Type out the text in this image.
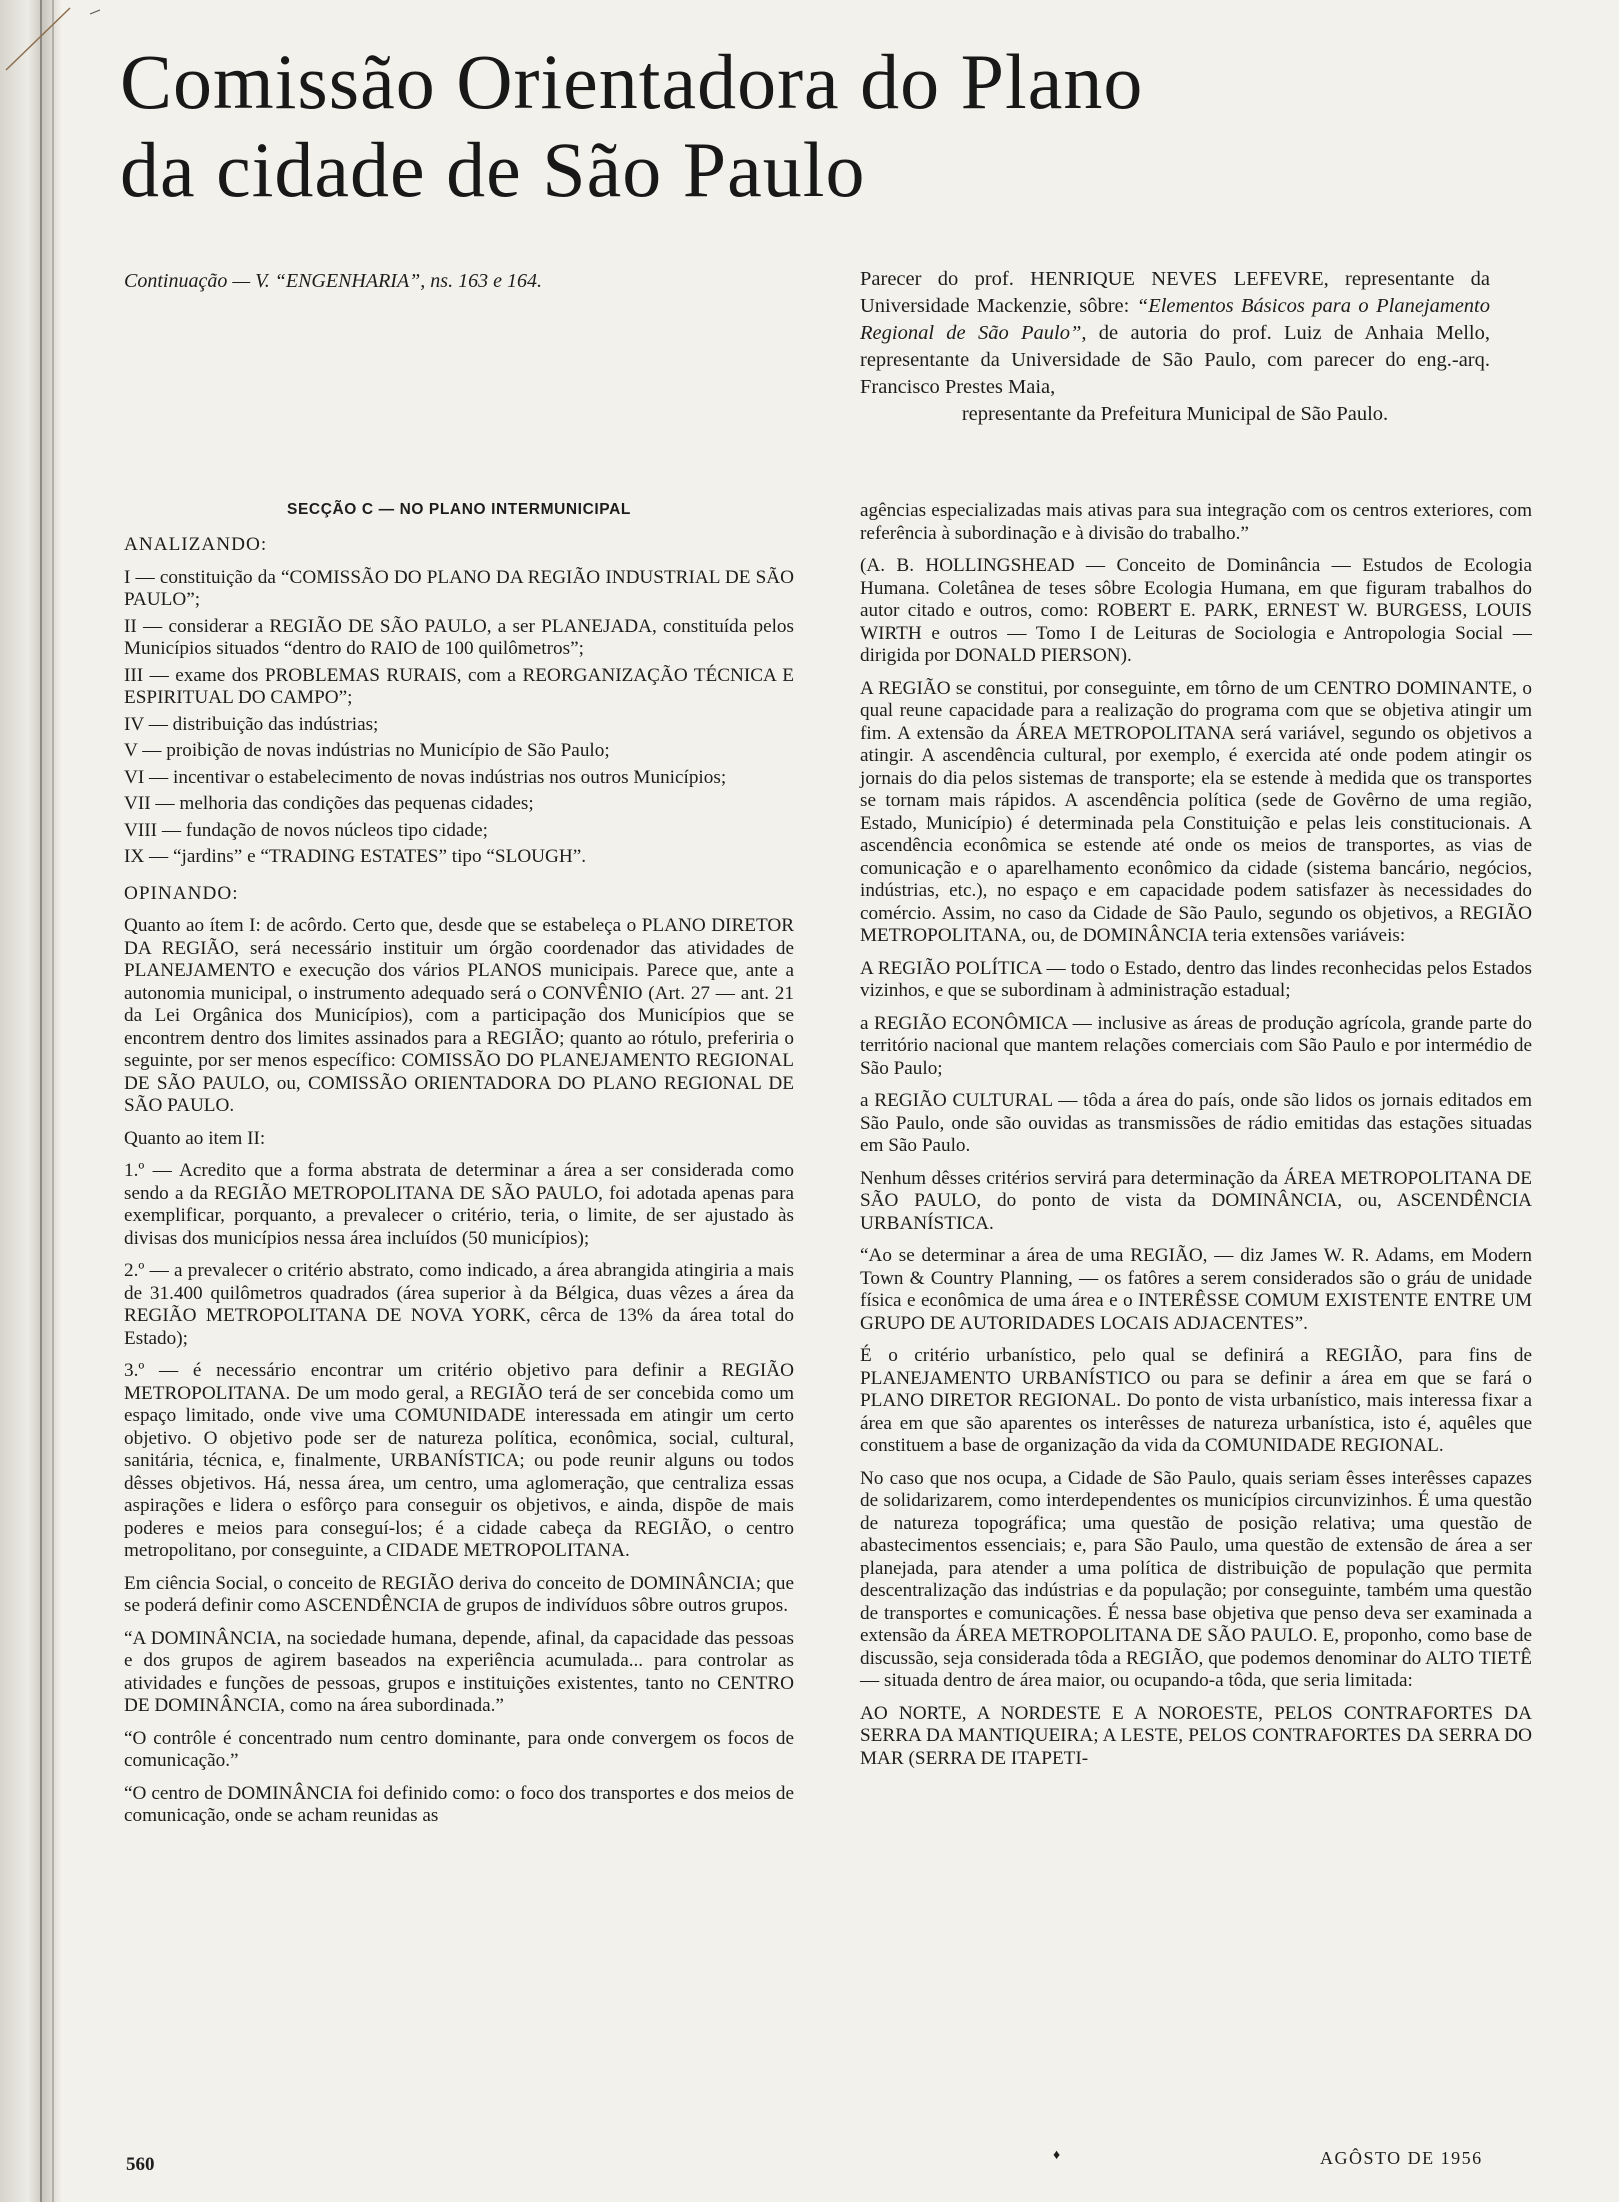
Comissão Orientadora do Plano
da cidade de São Paulo
Continuação — V. “ENGENHARIA”, ns. 163 e 164.	Parecer do prof. HENRIQUE NEVES LEFEVRE, representante da Universidade Mackenzie, sôbre: “Elementos Básicos para o Planejamento Regional de São Paulo”, de autoria do prof. Luiz de Anhaia Mello, representante da Universidade de São Paulo, com parecer do eng.-arq. Francisco Prestes Maia,
representante da Prefeitura Municipal de São Paulo.

SECÇÃO C — NO PLANO INTERMUNICIPAL

ANALIZANDO:

I — constituição da “COMISSÃO DO PLANO DA REGIÃO INDUSTRIAL DE SÃO PAULO”;

II — considerar a REGIÃO DE SÃO PAULO, a ser PLANEJADA, constituída pelos Municípios situados “dentro do RAIO de 100 quilômetros”;

III — exame dos PROBLEMAS RURAIS, com a REORGANIZAÇÃO TÉCNICA E ESPIRITUAL DO CAMPO”;

IV — distribuição das indústrias;

V — proibição de novas indústrias no Município de São Paulo;

VI — incentivar o estabelecimento de novas indústrias nos outros Municípios;

VII — melhoria das condições das pequenas cidades;

VIII — fundação de novos núcleos tipo cidade;

IX — “jardins” e “TRADING ESTATES” tipo “SLOUGH”.

OPINANDO:

Quanto ao ítem I: de acôrdo. Certo que, desde que se estabeleça o PLANO DIRETOR DA REGIÃO, será necessário instituir um órgão coordenador das atividades de PLANEJAMENTO e execução dos vários PLANOS municipais. Parece que, ante a autonomia municipal, o instrumento adequado será o CONVÊNIO (Art. 27 — ant. 21 da Lei Orgânica dos Municípios), com a participação dos Municípios que se encontrem dentro dos limites assinados para a REGIÃO; quanto ao rótulo, preferiria o seguinte, por ser menos específico: COMISSÃO DO PLANEJAMENTO REGIONAL DE SÃO PAULO, ou, COMISSÃO ORIENTADORA DO PLANO REGIONAL DE SÃO PAULO.

Quanto ao item II:

1.º — Acredito que a forma abstrata de determinar a área a ser considerada como sendo a da REGIÃO METROPOLITANA DE SÃO PAULO, foi adotada apenas para exemplificar, porquanto, a prevalecer o critério, teria, o limite, de ser ajustado às divisas dos municípios nessa área incluídos (50 municípios);

2.º — a prevalecer o critério abstrato, como indicado, a área abrangida atingiria a mais de 31.400 quilômetros quadrados (área superior à da Bélgica, duas vêzes a área da REGIÃO METROPOLITANA DE NOVA YORK, cêrca de 13% da área total do Estado);

3.º — é necessário encontrar um critério objetivo para definir a REGIÃO METROPOLITANA. De um modo geral, a REGIÃO terá de ser concebida como um espaço limitado, onde vive uma COMUNIDADE interessada em atingir um certo objetivo. O objetivo pode ser de natureza política, econômica, social, cultural, sanitária, técnica, e, finalmente, URBANÍSTICA; ou pode reunir alguns ou todos dêsses objetivos. Há, nessa área, um centro, uma aglomeração, que centraliza essas aspirações e lidera o esfôrço para conseguir os objetivos, e ainda, dispõe de mais poderes e meios para conseguí-los; é a cidade cabeça da REGIÃO, o centro metropolitano, por conseguinte, a CIDADE METROPOLITANA.

Em ciência Social, o conceito de REGIÃO deriva do conceito de DOMINÂNCIA; que se poderá definir como ASCENDÊNCIA de grupos de indivíduos sôbre outros grupos.

“A DOMINÂNCIA, na sociedade humana, depende, afinal, da capacidade das pessoas e dos grupos de agirem baseados na experiência acumulada... para controlar as atividades e funções de pessoas, grupos e instituições existentes, tanto no CENTRO DE DOMINÂNCIA, como na área subordinada.”

“O contrôle é concentrado num centro dominante, para onde convergem os focos de comunicação.”

“O centro de DOMINÂNCIA foi definido como: o foco dos transportes e dos meios de comunicação, onde se acham reunidas as

agências especializadas mais ativas para sua integração com os centros exteriores, com referência à subordinação e à divisão do trabalho.”

(A. B. HOLLINGSHEAD — Conceito de Dominância — Estudos de Ecologia Humana. Coletânea de teses sôbre Ecologia Humana, em que figuram trabalhos do autor citado e outros, como: ROBERT E. PARK, ERNEST W. BURGESS, LOUIS WIRTH e outros — Tomo I de Leituras de Sociologia e Antropologia Social — dirigida por DONALD PIERSON).

A REGIÃO se constitui, por conseguinte, em tôrno de um CENTRO DOMINANTE, o qual reune capacidade para a realização do programa com que se objetiva atingir um fim. A extensão da ÁREA METROPOLITANA será variável, segundo os objetivos a atingir. A ascendência cultural, por exemplo, é exercida até onde podem atingir os jornais do dia pelos sistemas de transporte; ela se estende à medida que os transportes se tornam mais rápidos. A ascendência política (sede de Govêrno de uma região, Estado, Município) é determinada pela Constituição e pelas leis constitucionais. A ascendência econômica se estende até onde os meios de transportes, as vias de comunicação e o aparelhamento econômico da cidade (sistema bancário, negócios, indústrias, etc.), no espaço e em capacidade podem satisfazer às necessidades do comércio. Assim, no caso da Cidade de São Paulo, segundo os objetivos, a REGIÃO METROPOLITANA, ou, de DOMINÂNCIA teria extensões variáveis:

A REGIÃO POLÍTICA — todo o Estado, dentro das lindes reconhecidas pelos Estados vizinhos, e que se subordinam à administração estadual;

a REGIÃO ECONÔMICA — inclusive as áreas de produção agrícola, grande parte do território nacional que mantem relações comerciais com São Paulo e por intermédio de São Paulo;

a REGIÃO CULTURAL — tôda a área do país, onde são lidos os jornais editados em São Paulo, onde são ouvidas as transmissões de rádio emitidas das estações situadas em São Paulo.

Nenhum dêsses critérios servirá para determinação da ÁREA METROPOLITANA DE SÃO PAULO, do ponto de vista da DOMINÂNCIA, ou, ASCENDÊNCIA URBANÍSTICA.

“Ao se determinar a área de uma REGIÃO, — diz James W. R. Adams, em Modern Town & Country Planning, — os fatôres a serem considerados são o gráu de unidade física e econômica de uma área e o INTERÊSSE COMUM EXISTENTE ENTRE UM GRUPO DE AUTORIDADES LOCAIS ADJACENTES”.

É o critério urbanístico, pelo qual se definirá a REGIÃO, para fins de PLANEJAMENTO URBANÍSTICO ou para se definir a área em que se fará o PLANO DIRETOR REGIONAL. Do ponto de vista urbanístico, mais interessa fixar a área em que são aparentes os interêsses de natureza urbanística, isto é, aquêles que constituem a base de organização da vida da COMUNIDADE REGIONAL.

No caso que nos ocupa, a Cidade de São Paulo, quais seriam êsses interêsses capazes de solidarizarem, como interdependentes os municípios circunvizinhos. É uma questão de natureza topográfica; uma questão de posição relativa; uma questão de abastecimentos essenciais; e, para São Paulo, uma questão de extensão de área a ser planejada, para atender a uma política de distribuição de população que permita descentralização das indústrias e da população; por conseguinte, também uma questão de transportes e comunicações. É nessa base objetiva que penso deva ser examinada a extensão da ÁREA METROPOLITANA DE SÃO PAULO. E, proponho, como base de discussão, seja considerada tôda a REGIÃO, que podemos denominar do ALTO TIETÊ — situada dentro de área maior, ou ocupando-a tôda, que seria limitada:

AO NORTE, A NORDESTE E A NOROESTE, PELOS CONTRAFORTES DA SERRA DA MANTIQUEIRA; A LESTE, PELOS CONTRAFORTES DA SERRA DO MAR (SERRA DE ITAPETI-

560	♦	AGÔSTO DE 1956
